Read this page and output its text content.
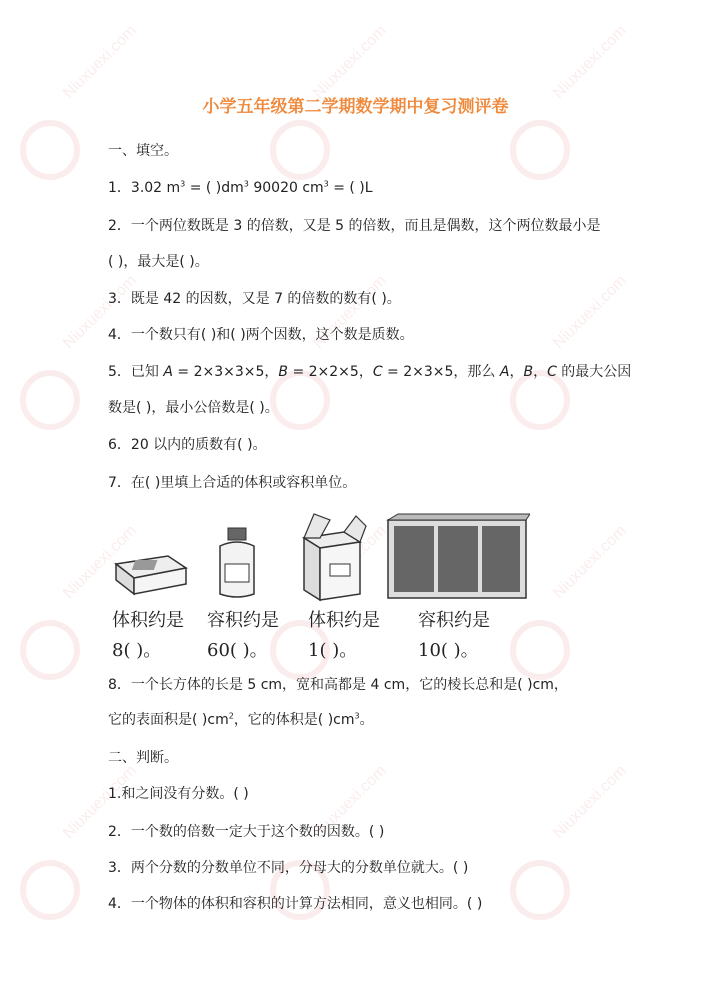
Niuxuexi.com	Niuxuexi.com	Niuxuexi.com
Niuxuexi.com	Niuxuexi.com	Niuxuexi.com
Niuxuexi.com	Niuxuexi.com
Niuxuexi.com	Niuxuexi.com	Niuxuexi.com
小学五年级第二学期数学期中复习测评卷
一、填空。
1．3.02 $m^3$ = ( )$dm^3$ 90020 $cm^3$ = ( )L
2．一个两位数既是 3 的倍数，又是 5 的倍数，而且是偶数，这个两位数最小是
( )，最大是( )。
3．既是 42 的因数，又是 7 的倍数的数有( )。
4．一个数只有( )和( )两个因数，这个数是质数。
5．已知 A = 2×3×3×5，B = 2×2×5，C = 2×3×5，那么 A，B，C 的最大公因
数是( )，最小公倍数是( )。
6．20 以内的质数有( )。
7．在( )里填上合适的体积或容积单位。
体积约是
8( )。
容积约是
60( )。
体积约是
1( )。
容积约是
10( )。
8．一个长方体的长是 5 cm，宽和高都是 4 cm，它的棱长总和是( )cm，
它的表面积是( )$cm^2$，它的体积是( )$cm^3$。
二、判断。
1.和之间没有分数。( )
2．一个数的倍数一定大于这个数的因数。( )
3．两个分数的分数单位不同，分母大的分数单位就大。( )
4．一个物体的体积和容积的计算方法相同，意义也相同。( )
